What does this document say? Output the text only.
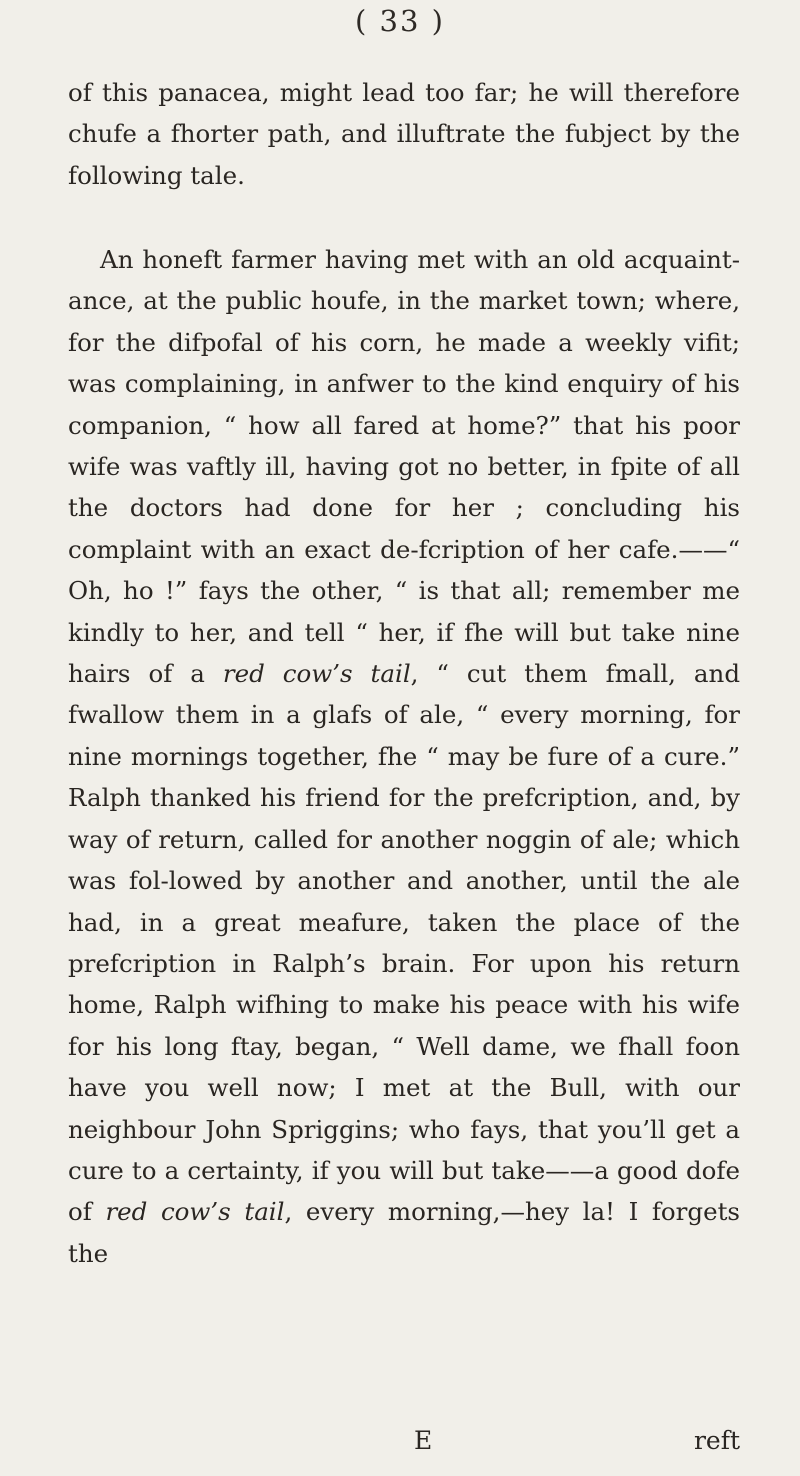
( 33 )

of this panacea, might lead too far; he will therefore chufe a fhorter path, and illuftrate the fubject by the following tale.

An honeft farmer having met with an old acquaint-ance, at the public houfe, in the market town; where, for the difpofal of his corn, he made a weekly vifit; was complaining, in anfwer to the kind enquiry of his companion, “ how all fared at home?” that his poor wife was vaftly ill, having got no better, in fpite of all the doctors had done for her ; concluding his complaint with an exact de-fcription of her cafe.——“ Oh, ho !” fays the other, “ is that all; remember me kindly to her, and tell “ her, if fhe will but take nine hairs of a red cow’s tail, “ cut them fmall, and fwallow them in a glafs of ale, “ every morning, for nine mornings together, fhe “ may be fure of a cure.” Ralph thanked his friend for the prefcription, and, by way of return, called for another noggin of ale; which was fol-lowed by another and another, until the ale had, in a great meafure, taken the place of the prefcription in Ralph’s brain. For upon his return home, Ralph wifhing to make his peace with his wife for his long ftay, began, “ Well dame, we fhall foon have you well now; I met at the Bull, with our neighbour John Spriggins; who fays, that you’ll get a cure to a certainty, if you will but take——a good dofe of red cow’s tail, every morning,—hey la! I forgets the

E	reft
